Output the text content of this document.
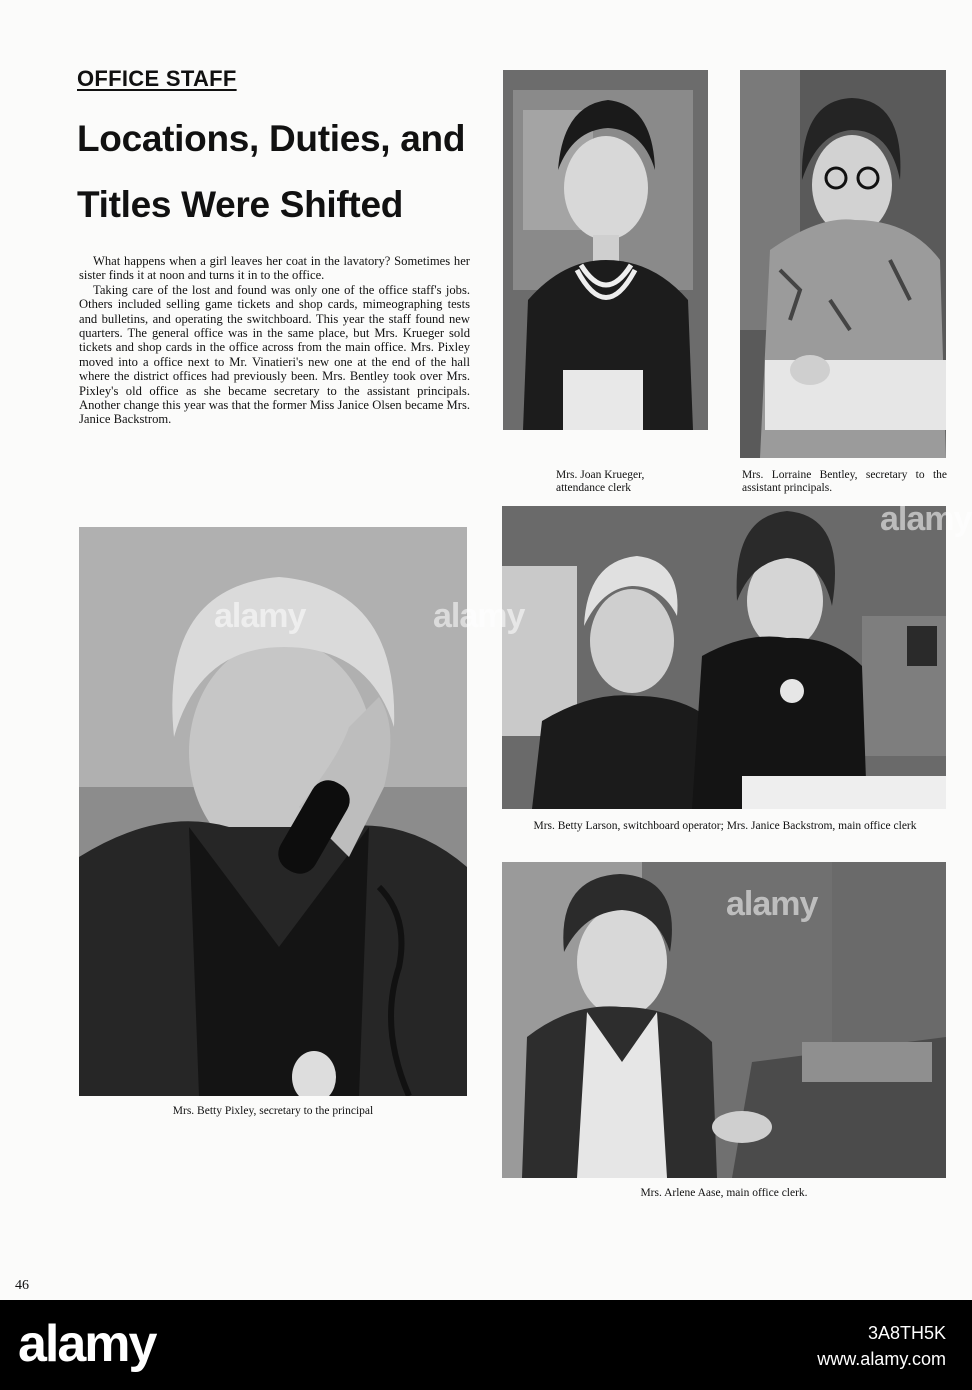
OFFICE STAFF
Locations, Duties, and
Titles Were Shifted

What happens when a girl leaves her coat in the lavatory? Sometimes her sister finds it at noon and turns it in to the office.

Taking care of the lost and found was only one of the office staff's jobs. Others included selling game tickets and shop cards, mimeographing tests and bulletins, and operating the switchboard. This year the staff found new quarters. The general office was in the same place, but Mrs. Krueger sold tickets and shop cards in the office across from the main office. Mrs. Pixley moved into a office next to Mr. Vinatieri's new one at the end of the hall where the district offices had previously been. Mrs. Bentley took over Mrs. Pixley's old office as she became secretary to the assistant principals. Another change this year was that the former Miss Janice Olsen became Mrs. Janice Backstrom.

Mrs. Joan Krueger, attendance clerk
Mrs. Lorraine Bentley, secretary to the assistant principals.
Mrs. Betty Pixley, secretary to the principal
Mrs. Betty Larson, switchboard operator; Mrs. Janice Backstrom, main office clerk
Mrs. Arlene Aase, main office clerk.
alamy	alamy
alamy
alamy
46
alamy	3A8TH5K
www.alamy.com
